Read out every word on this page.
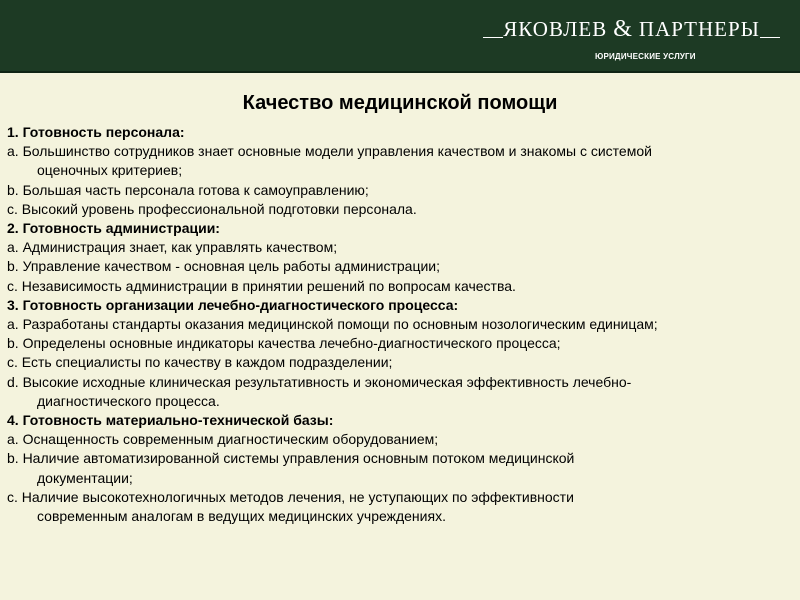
ЯКОВЛЕВ & ПАРТНЕРЫ
ЮРИДИЧЕСКИЕ УСЛУГИ
Качество медицинской помощи
1. Готовность персонала:
a. Большинство сотрудников знает основные модели управления качеством и знакомы с системой
оценочных критериев;
b. Большая часть персонала готова к самоуправлению;
c. Высокий уровень профессиональной подготовки персонала.
2. Готовность администрации:
a. Администрация знает, как управлять качеством;
b. Управление качеством - основная цель работы администрации;
c. Независимость администрации в принятии решений по вопросам качества.
3. Готовность организации лечебно-диагностического процесса:
a. Разработаны стандарты оказания медицинской помощи по основным нозологическим единицам;
b. Определены основные индикаторы качества лечебно-диагностического процесса;
c. Есть специалисты по качеству в каждом подразделении;
d. Высокие исходные клиническая результативность и экономическая эффективность лечебно-
диагностического процесса.
4. Готовность материально-технической базы:
a. Оснащенность современным диагностическим оборудованием;
b. Наличие автоматизированной системы управления основным потоком медицинской
документации;
c. Наличие высокотехнологичных методов лечения, не уступающих по эффективности
современным аналогам в ведущих медицинских учреждениях.
